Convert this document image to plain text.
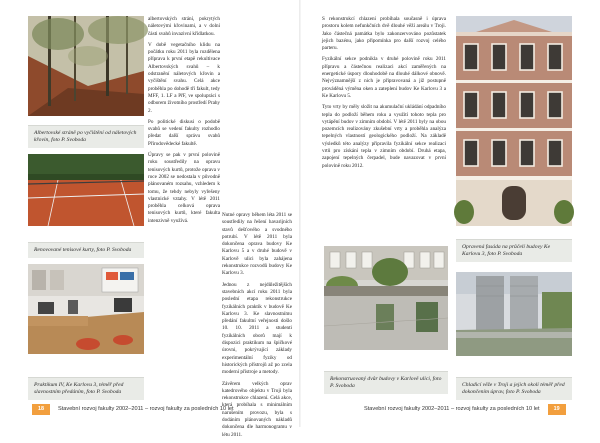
Albertovské stráně po vyčištění od náletových křovin, foto P. Svoboda
Renovované tenisové kurty, foto P. Svoboda
Praktikum IV, Ke Karlovu 3, téměř před slavnostním předáním, foto P. Svoboda

albertovských strání, pokrytých náletovými křovinami, a v dolní části svahů invazivní křídlatkou.

V době vegetačního klidu na počátku roku 2011 byla rozdělena příprava k první etapě rekultivace Albertovských svahů – k odstranění náletových křovin a vyčištění svahu. Celá akce proběhla po dohodě tří fakult, tedy MFF, 1. LF a PřF, ve spolupráci s odborem životního prostředí Prahy 2.

Po politické diskusi o podobě svahů se vedení fakulty rozhodlo předat další správu svahů Přírodovědecké fakultě.

Úpravy se pak v první polovině roku soustředily na opravu tenisových kurtů, protože oprava v roce 2002 se nedostala v původně plánovaném rozsahu, vzhledem k tomu, že tehdy nebyly vyřešeny vlastnické vztahy. V létě 2011 proběhla celková oprava tenisových kurtů, které fakulta intenzivně využívá.

Nutné opravy během léta 2011 se soustředily na řešení havarijních stavů dešťového a svodného potrubí. V létě 2011 byla dokončena oprava budovy Ke Karlovu 5 a v druhé budově v Karlově ulici byla zahájena rekonstrukce rozvodů budovy Ke Karlovu 3.

Jednou z nejdůležitějších stavebních akcí roku 2011 byla poslední etapa rekonstrukce fyzikálních praktik v budově Ke Karlovu 3. Ke slavnostnímu předání fakultní veřejnosti došlo 10. 10. 2011 a studenti fyzikálních oborů mají k dispozici praktikum na špičkové úrovni, pokrývající základy experimentální fyziky od historických přístrojů až po zcela moderní přístroje a metody.

Závěrem velkých oprav katedrového objektu v Troji byla rekonstrukce chlazení. Celá akce, která probíhala s minimálním narušením provozu, byla s dodáním plánovaných nákladů dokončena dle harmonogramu v létu 2011.

18	Stavební rozvoj fakulty 2002–2011 – rozvoj fakulty za posledních 10 let

S rekonstrukcí chlazení probíhala současně i úprava prostoru kolem nefunkčních dvě dlouhé věží areálu v Troji. Jako částečná památka bylo zakonzervováno pozůstatek jejich bazénu, jako připomínka pro další rozvoj celého parteru.

Fyzikální sekce podnikla v druhé polovině roku 2011 přípravu a částečnou realizaci akcí zaměřených na energetické úspory dlouhodobě na dlouhé dálkové obnově. Nejvýznamnější z nich je připravovaná a již postupně prováděná výměna oken a zateplení budov Ke Karlovu 3 a Ke Karlovu 5.

Tyto vrty by měly složit na akumulační ukládání odpadního tepla do podloží během roku a využití tohoto tepla pro vytápění budov v zimním období. V létě 2011 byly na obou pozemcích realizovány zkušební vrty a proběhla analýza tepelných vlastností geologického podloží. Na základě výsledků této analýzy připravila fyzikální sekce realizaci vrtů pro získání tepla v zimním období. Druhá etapa, zapojení tepelných čerpadel, bude navazovat v první polovině roku 2012.

Rekonstruovaný dvůr budovy v Karlově ulici, foto P. Svoboda
Opravená fasáda na průčelí budovy Ke Karlovu 3, foto P. Svoboda
Chladicí věže v Troji a jejich okolí téměř před dokončením úprav, foto P. Svoboda
Stavební rozvoj fakulty 2002–2011 – rozvoj fakulty za posledních 10 let	19
